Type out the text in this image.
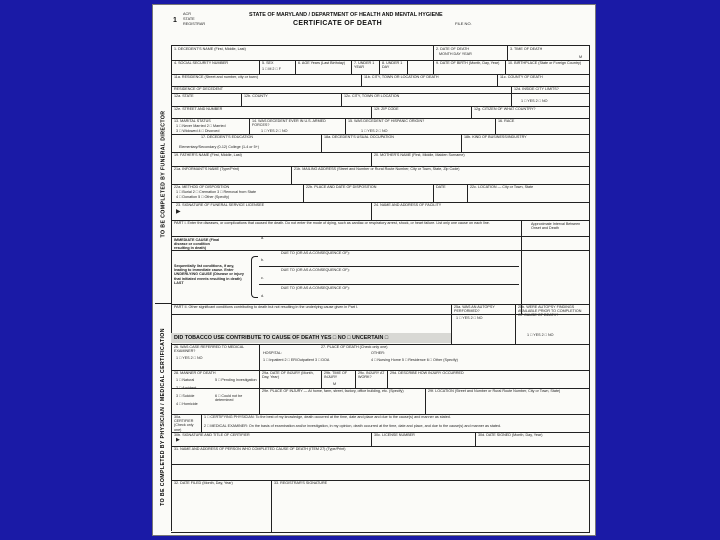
ACR
1 STATE
REGISTRAR
STATE OF MARYLAND / DEPARTMENT OF HEALTH AND MENTAL HYGIENE
CERTIFICATE OF DEATH	FILE NO.
TO BE COMPLETED BY FUNERAL DIRECTOR
TO BE COMPLETED BY PHYSICIAN / MEDICAL CERTIFICATION
1. DECEDENT'S NAME (First, Middle, Last)	2. DATE OF DEATH
MONTH DAY YEAR
3. TIME OF DEATH
M
4. SOCIAL SECURITY NUMBER	5. SEX
1 □ M 2 □ F
6. AGE Years (Last Birthday)	7. UNDER 1 YEAR
8. UNDER 1 DAY
9. DATE OF BIRTH (Month, Day, Year)	10. BIRTHPLACE (State or Foreign Country)
11a. RESIDENCE (Street and number, city or town)	11b. CITY, TOWN OR LOCATION OF DEATH	11c. COUNTY OF DEATH
RESIDENCE OF DECEDENT
12a. STATE	12b. COUNTY	12c. CITY, TOWN OR LOCATION
12d. INSIDE CITY LIMITS?
1 □ YES 2 □ NO
12e. STREET AND NUMBER	12f. ZIP CODE	12g. CITIZEN OF WHAT COUNTRY?
13. MARITAL STATUS
1 □ Never Married 2 □ Married
3 □ Widowed 4 □ Divorced
14. WAS DECEDENT EVER IN U.S. ARMED FORCES?
1 □ YES 2 □ NO
15. WAS DECEDENT OF HISPANIC ORIGIN?
1 □ YES 2 □ NO
16. RACE
17. DECEDENT'S EDUCATION
Elementary/Secondary (0-12) College (1-4 or 5+)
18a. DECEDENT'S USUAL OCCUPATION	18b. KIND OF BUSINESS/INDUSTRY
19. FATHER'S NAME (First, Middle, Last)	20. MOTHER'S NAME (First, Middle, Maiden Surname)
21a. INFORMANT'S NAME (Type/Print)	21b. MAILING ADDRESS (Street and Number or Rural Route Number, City or Town, State, Zip Code)
22a. METHOD OF DISPOSITION
1 □ Burial 2 □ Cremation 3 □ Removal from State
4 □ Donation 5 □ Other (Specify)
22b. PLACE AND DATE OF DISPOSITION	DATE	22c. LOCATION — City or Town, State
▶
23. SIGNATURE OF FUNERAL SERVICE LICENSEE	24. NAME AND ADDRESS OF FACILITY
PART I. Enter the diseases, or complications that caused the death. Do not enter the mode of dying, such as cardiac or respiratory arrest, shock, or heart failure. List only one cause on each line.	Approximate Interval Between Onset and Death
IMMEDIATE CAUSE (Final disease or condition resulting in death)
a.
DUE TO (OR AS A CONSEQUENCE OF):
b.
DUE TO (OR AS A CONSEQUENCE OF):
c.
DUE TO (OR AS A CONSEQUENCE OF):
d.
Sequentially list conditions, if any, leading to immediate cause. Enter UNDERLYING CAUSE (Disease or injury that initiated events resulting in death) LAST
PART II. Other significant conditions contributing to death but not resulting in the underlying cause given in Part I.	25a. WAS AN AUTOPSY PERFORMED?
1 □ YES 2 □ NO
25b. WERE AUTOPSY FINDINGS AVAILABLE PRIOR TO COMPLETION OF CAUSE OF DEATH?
1 □ YES 2 □ NO
DID TOBACCO USE CONTRIBUTE TO CAUSE OF DEATH YES □ NO □ UNCERTAIN □
26. WAS CASE REFERRED TO MEDICAL EXAMINER?
1 □ YES 2 □ NO
27. PLACE OF DEATH (Check only one)
HOSPITAL:
1 □ Inpatient 2 □ ER/Outpatient 3 □ DOA
OTHER:
4 □ Nursing Home 5 □ Residence 6 □ Other (Specify)
28. MANNER OF DEATH
1 □ Natural
2 □ Accident
3 □ Suicide
4 □ Homicide
5 □ Pending Investigation
6 □ Could not be determined
29a. DATE OF INJURY (Month, Day, Year)
29b. TIME OF INJURY
M
29c. INJURY AT WORK?
29d. DESCRIBE HOW INJURY OCCURRED
29e. PLACE OF INJURY — At home, farm, street, factory, office building, etc. (Specify)	29f. LOCATION (Street and Number or Rural Route Number, City or Town, State)
30a. CERTIFIER (Check only one)
1 □ CERTIFYING PHYSICIAN: To the best of my knowledge, death occurred at the time, date and place and due to the cause(s) and manner as stated.
2 □ MEDICAL EXAMINER: On the basis of examination and/or investigation, in my opinion, death occurred at the time, date and place, and due to the cause(s) and manner as stated.
30b. SIGNATURE AND TITLE OF CERTIFIER
▶
30c. LICENSE NUMBER	30d. DATE SIGNED (Month, Day, Year)
31. NAME AND ADDRESS OF PERSON WHO COMPLETED CAUSE OF DEATH (ITEM 27) (Type/Print)
32. DATE FILED (Month, Day, Year)	33. REGISTRAR'S SIGNATURE
